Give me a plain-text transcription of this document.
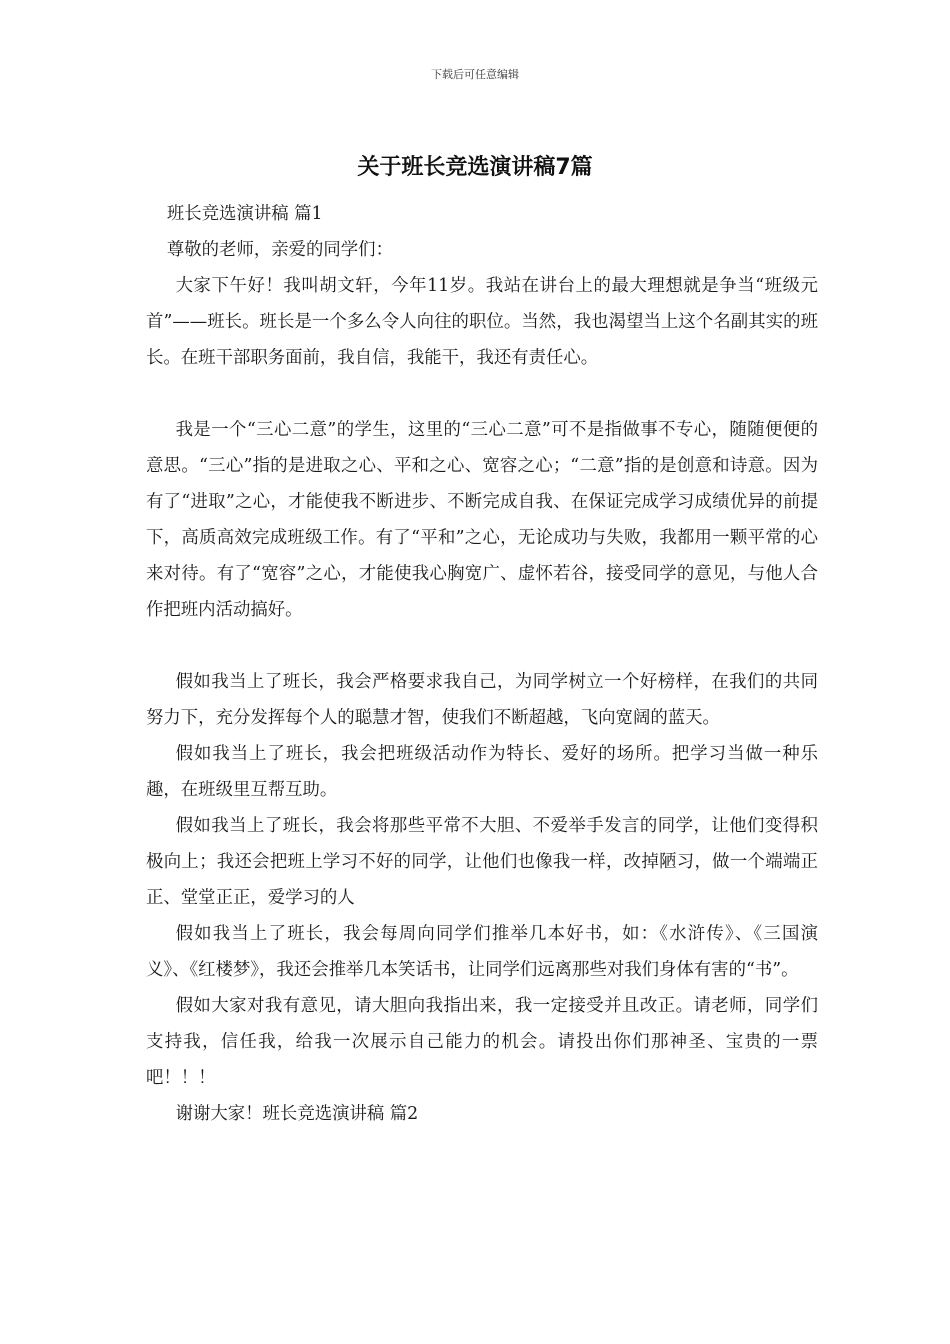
下载后可任意编辑
关于班长竞选演讲稿7篇

班长竞选演讲稿 篇1

尊敬的老师，亲爱的同学们：

大家下午好！我叫胡文轩，今年11岁。我站在讲台上的最大理想就是争当“班级元首”——班长。班长是一个多么令人向往的职位。当然，我也渴望当上这个名副其实的班长。在班干部职务面前，我自信，我能干，我还有责任心。

我是一个“三心二意”的学生，这里的“三心二意”可不是指做事不专心，随随便便的意思。“三心”指的是进取之心、平和之心、宽容之心；“二意”指的是创意和诗意。因为有了“进取”之心，才能使我不断进步、不断完成自我、在保证完成学习成绩优异的前提下，高质高效完成班级工作。有了“平和”之心，无论成功与失败，我都用一颗平常的心来对待。有了“宽容”之心，才能使我心胸宽广、虚怀若谷，接受同学的意见，与他人合作把班内活动搞好。

假如我当上了班长，我会严格要求我自己，为同学树立一个好榜样，在我们的共同努力下，充分发挥每个人的聪慧才智，使我们不断超越，飞向宽阔的蓝天。

假如我当上了班长，我会把班级活动作为特长、爱好的场所。把学习当做一种乐趣，在班级里互帮互助。

假如我当上了班长，我会将那些平常不大胆、不爱举手发言的同学，让他们变得积极向上；我还会把班上学习不好的同学，让他们也像我一样，改掉陋习，做一个端端正正、堂堂正正，爱学习的人

假如我当上了班长，我会每周向同学们推举几本好书，如：《水浒传》、《三国演义》、《红楼梦》，我还会推举几本笑话书，让同学们远离那些对我们身体有害的“书”。

假如大家对我有意见，请大胆向我指出来，我一定接受并且改正。请老师，同学们支持我，信任我，给我一次展示自己能力的机会。请投出你们那神圣、宝贵的一票吧！！！

谢谢大家！班长竞选演讲稿 篇2
